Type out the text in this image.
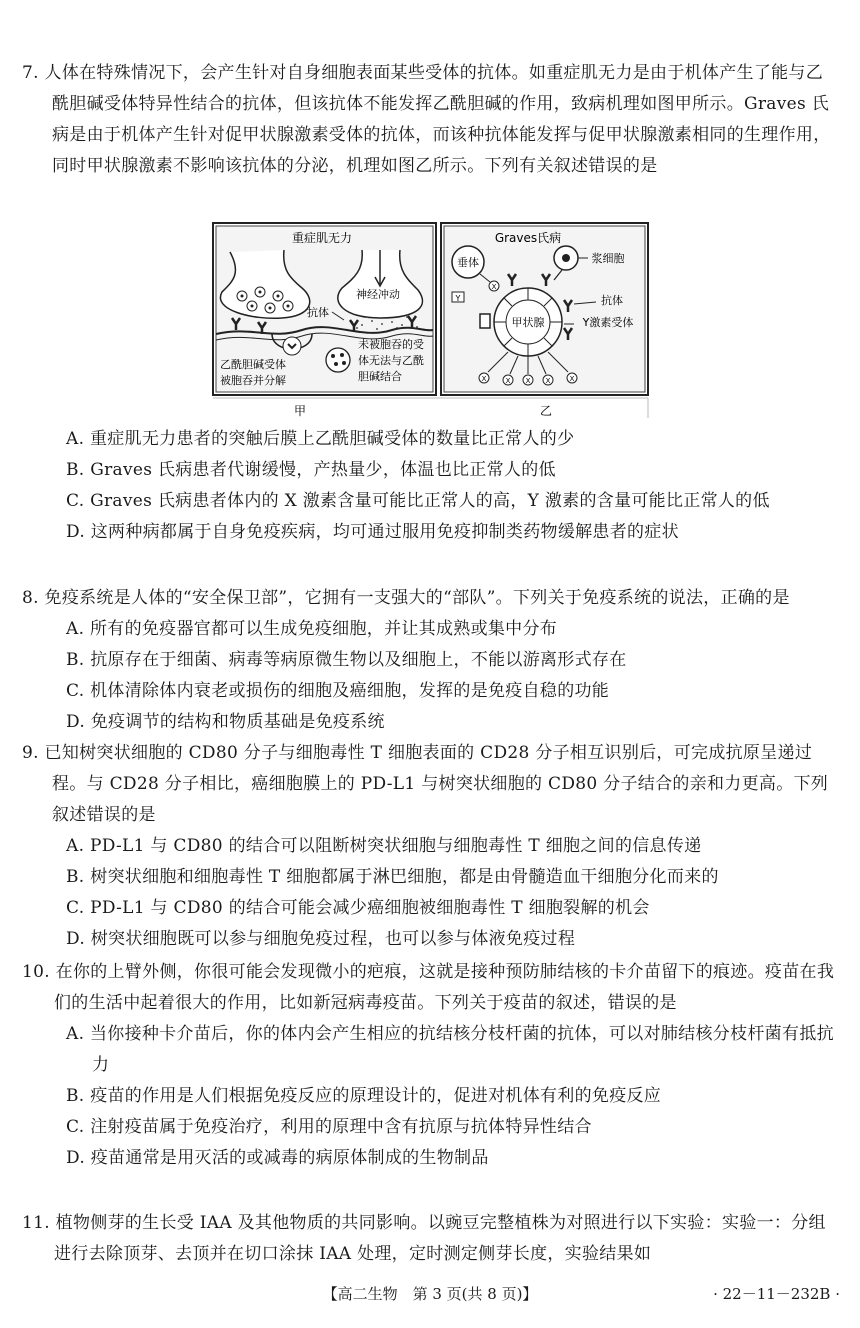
7. 人体在特殊情况下，会产生针对自身细胞表面某些受体的抗体。如重症肌无力是由于机体产生了能与乙酰胆碱受体特异性结合的抗体，但该抗体不能发挥乙酰胆碱的作用，致病机理如图甲所示。Graves 氏病是由于机体产生针对促甲状腺激素受体的抗体，而该种抗体能发挥与促甲状腺激素相同的生理作用，同时甲状腺激素不影响该抗体的分泌，机理如图乙所示。下列有关叙述错误的是

重症肌无力
神经冲动
抗体
乙酰胆碱受体
被胞吞并分解
未被胞吞的受
体无法与乙酰
胆碱结合
Graves氏病
垂体
Y
X
浆细胞
甲状腺
抗体
Y激素受体
X	X X X	X
甲	乙

A. 重症肌无力患者的突触后膜上乙酰胆碱受体的数量比正常人的少

B. Graves 氏病患者代谢缓慢，产热量少，体温也比正常人的低

C. Graves 氏病患者体内的 X 激素含量可能比正常人的高，Y 激素的含量可能比正常人的低

D. 这两种病都属于自身免疫疾病，均可通过服用免疫抑制类药物缓解患者的症状

8. 免疫系统是人体的“安全保卫部”，它拥有一支强大的“部队”。下列关于免疫系统的说法，正确的是

A. 所有的免疫器官都可以生成免疫细胞，并让其成熟或集中分布

B. 抗原存在于细菌、病毒等病原微生物以及细胞上，不能以游离形式存在

C. 机体清除体内衰老或损伤的细胞及癌细胞，发挥的是免疫自稳的功能

D. 免疫调节的结构和物质基础是免疫系统

9. 已知树突状细胞的 CD80 分子与细胞毒性 T 细胞表面的 CD28 分子相互识别后，可完成抗原呈递过程。与 CD28 分子相比，癌细胞膜上的 PD-L1 与树突状细胞的 CD80 分子结合的亲和力更高。下列叙述错误的是

A. PD-L1 与 CD80 的结合可以阻断树突状细胞与细胞毒性 T 细胞之间的信息传递

B. 树突状细胞和细胞毒性 T 细胞都属于淋巴细胞，都是由骨髓造血干细胞分化而来的

C. PD-L1 与 CD80 的结合可能会减少癌细胞被细胞毒性 T 细胞裂解的机会

D. 树突状细胞既可以参与细胞免疫过程，也可以参与体液免疫过程

10. 在你的上臂外侧，你很可能会发现微小的疤痕，这就是接种预防肺结核的卡介苗留下的痕迹。疫苗在我们的生活中起着很大的作用，比如新冠病毒疫苗。下列关于疫苗的叙述，错误的是

A. 当你接种卡介苗后，你的体内会产生相应的抗结核分枝杆菌的抗体，可以对肺结核分枝杆菌有抵抗力

B. 疫苗的作用是人们根据免疫反应的原理设计的，促进对机体有利的免疫反应

C. 注射疫苗属于免疫治疗，利用的原理中含有抗原与抗体特异性结合

D. 疫苗通常是用灭活的或减毒的病原体制成的生物制品

11. 植物侧芽的生长受 IAA 及其他物质的共同影响。以豌豆完整植株为对照进行以下实验：实验一：分组进行去除顶芽、去顶并在切口涂抹 IAA 处理，定时测定侧芽长度，实验结果如

【高二生物　第 3 页(共 8 页)】	· 22－11－232B ·
